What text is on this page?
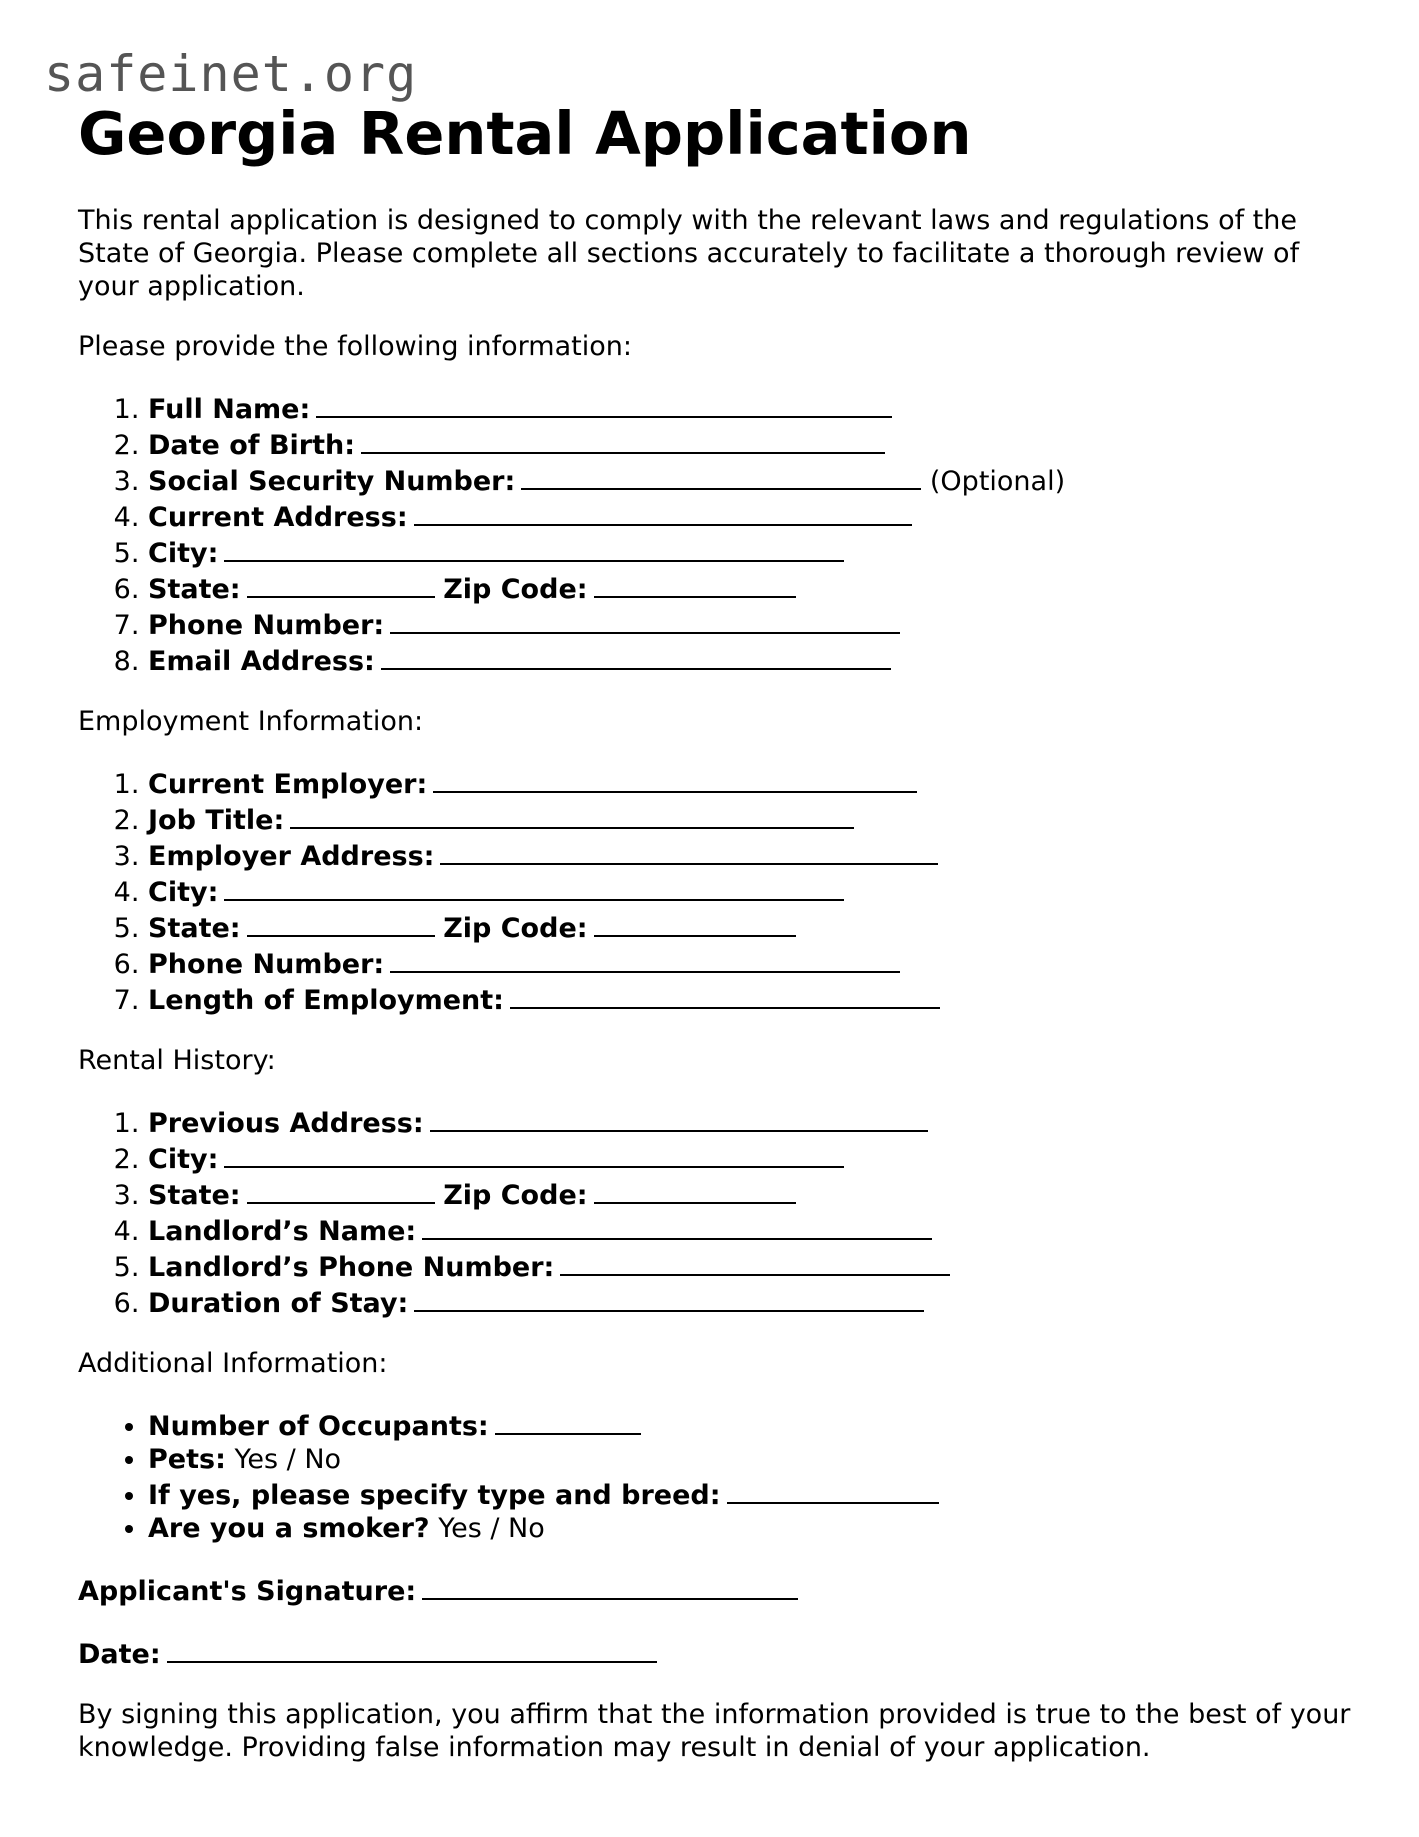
safeinet.org
Georgia Rental Application

This rental application is designed to comply with the relevant laws and regulations of the State of Georgia. Please complete all sections accurately to facilitate a thorough review of your application.

Please provide the following information:

1. Full Name:
2. Date of Birth:
3. Social Security Number:	(Optional)
4. Current Address:
5. City:
6. State:	Zip Code:
7. Phone Number:
8. Email Address:

Employment Information:

1. Current Employer:
2. Job Title:
3. Employer Address:
4. City:
5. State:	Zip Code:
6. Phone Number:
7. Length of Employment:

Rental History:

1. Previous Address:
2. City:
3. State:	Zip Code:
4. Landlord’s Name:
5. Landlord’s Phone Number:
6. Duration of Stay:

Additional Information:

• Number of Occupants:
• Pets: Yes / No
• If yes, please specify type and breed:
• Are you a smoker? Yes / No

Applicant's Signature:

Date:

By signing this application, you affirm that the information provided is true to the best of your knowledge. Providing false information may result in denial of your application.
